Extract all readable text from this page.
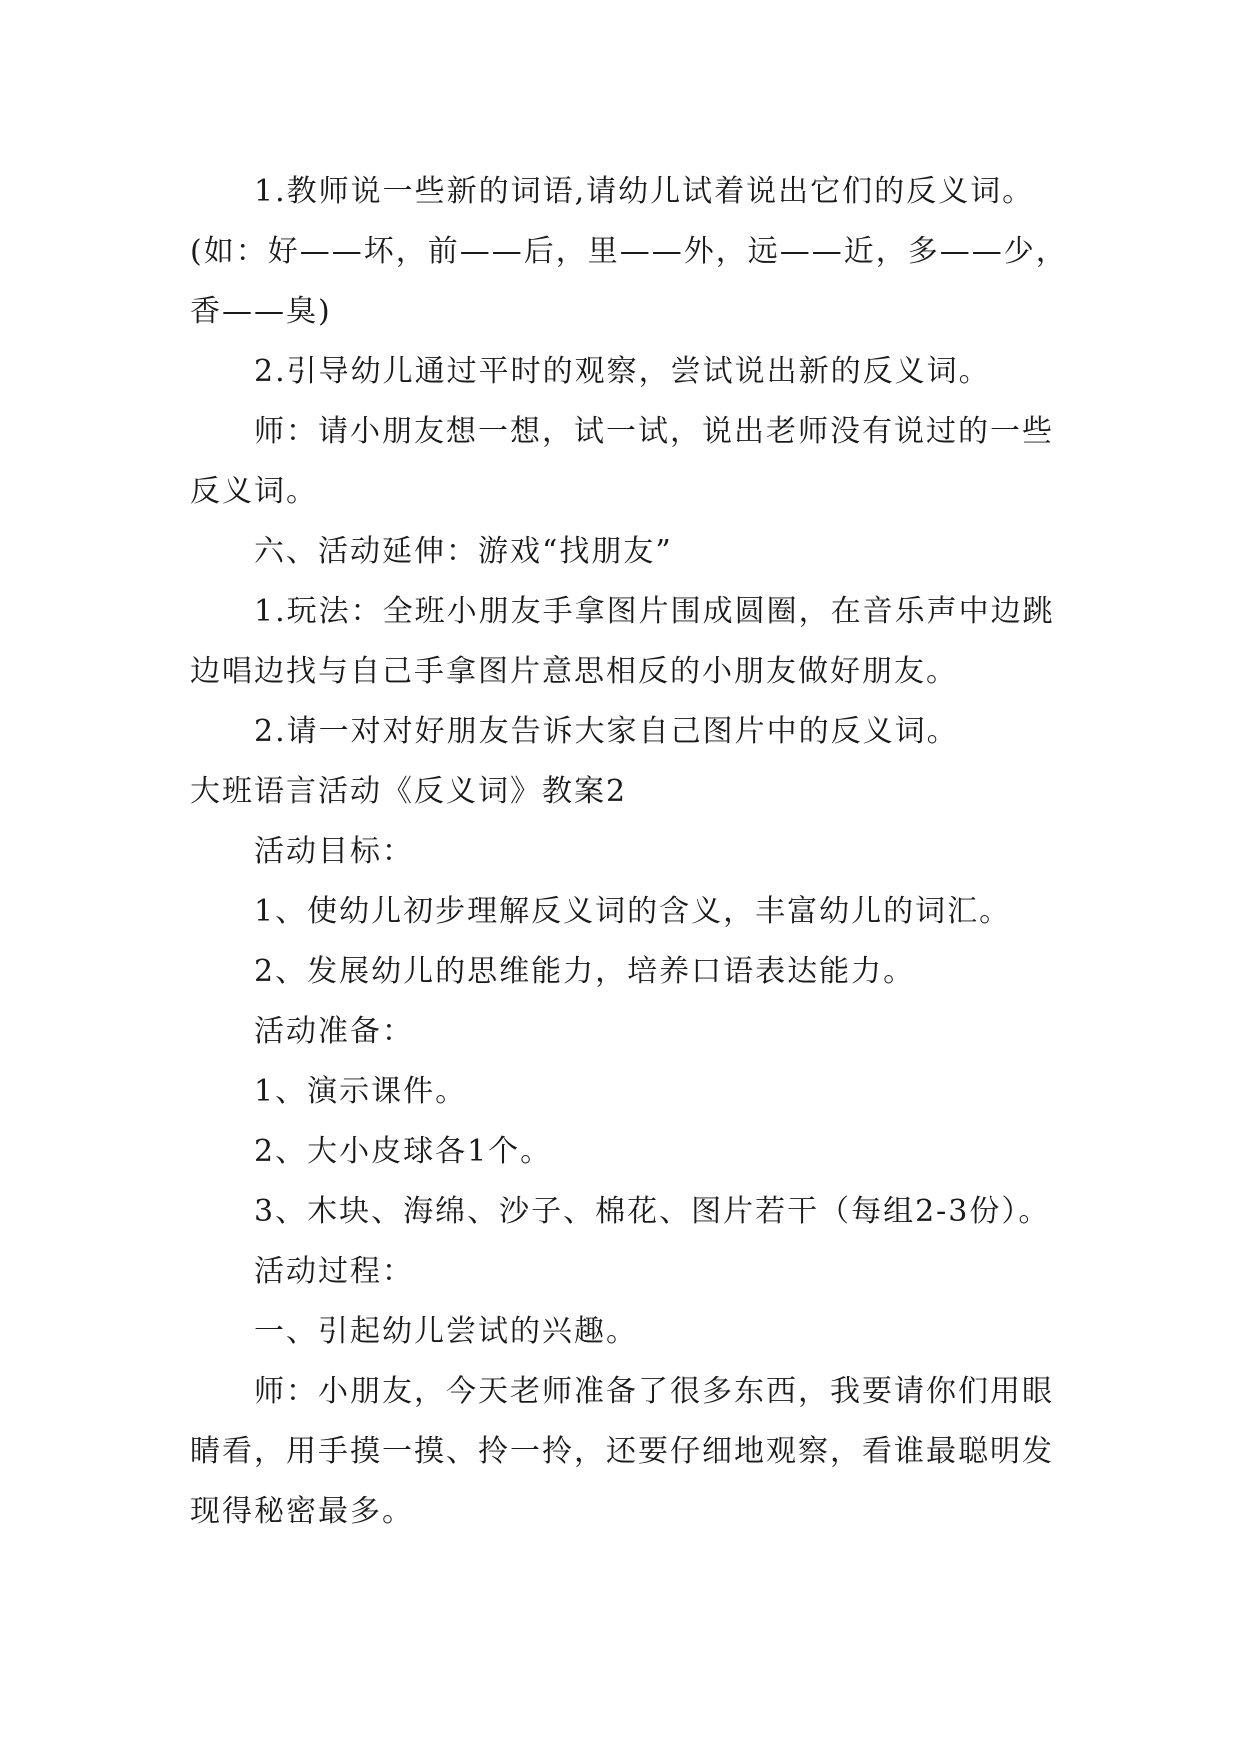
1.教师说一些新的词语,请幼儿试着说出它们的反义词。(如：好——坏，前——后，里——外，远——近，多——少，香——臭)

2.引导幼儿通过平时的观察，尝试说出新的反义词。

师：请小朋友想一想，试一试，说出老师没有说过的一些反义词。

六、活动延伸：游戏“找朋友”

1.玩法：全班小朋友手拿图片围成圆圈，在音乐声中边跳边唱边找与自己手拿图片意思相反的小朋友做好朋友。

2.请一对对好朋友告诉大家自己图片中的反义词。

大班语言活动《反义词》教案2

活动目标：

1、使幼儿初步理解反义词的含义，丰富幼儿的词汇。

2、发展幼儿的思维能力，培养口语表达能力。

活动准备：

1、演示课件。

2、大小皮球各1个。

3、木块、海绵、沙子、棉花、图片若干（每组2-3份）。

活动过程：

一、引起幼儿尝试的兴趣。

师：小朋友，今天老师准备了很多东西，我要请你们用眼睛看，用手摸一摸、拎一拎，还要仔细地观察，看谁最聪明发现得秘密最多。
